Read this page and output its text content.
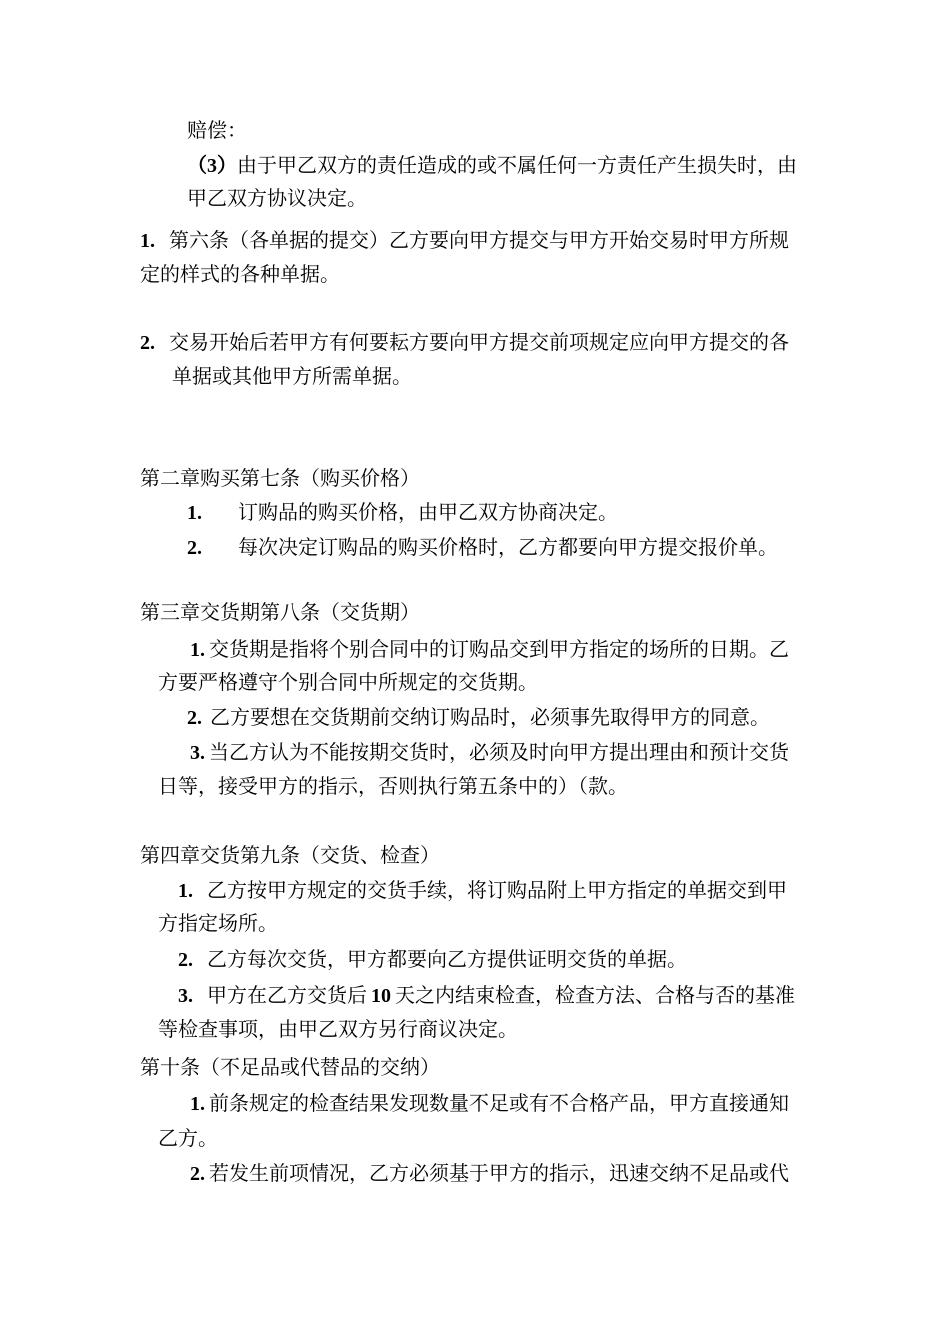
赔偿：
（3）由于甲乙双方的责任造成的或不属任何一方责任产生损失时，由
甲乙双方协议决定。
1. 第六条（各单据的提交）乙方要向甲方提交与甲方开始交易时甲方所规
定的样式的各种单据。
2. 交易开始后若甲方有何要耘方要向甲方提交前项规定应向甲方提交的各
单据或其他甲方所需单据。
第二章购买第七条（购买价格）
1. 订购品的购买价格，由甲乙双方协商决定。
2. 每次决定订购品的购买价格时，乙方都要向甲方提交报价单。
第三章交货期第八条（交货期）
1. 交货期是指将个别合同中的订购品交到甲方指定的场所的日期。乙
方要严格遵守个别合同中所规定的交货期。
2. 乙方要想在交货期前交纳订购品时，必须事先取得甲方的同意。
3. 当乙方认为不能按期交货时，必须及时向甲方提出理由和预计交货
日等，接受甲方的指示，否则执行第五条中的）（款。
第四章交货第九条（交货、检查）
1. 乙方按甲方规定的交货手续，将订购品附上甲方指定的单据交到甲
方指定场所。
2. 乙方每次交货，甲方都要向乙方提供证明交货的单据。
3. 甲方在乙方交货后 10 天之内结束检查，检查方法、合格与否的基准
等检查事项，由甲乙双方另行商议决定。
第十条（不足品或代替品的交纳）
1. 前条规定的检查结果发现数量不足或有不合格产品，甲方直接通知
乙方。
2. 若发生前项情况，乙方必须基于甲方的指示，迅速交纳不足品或代
